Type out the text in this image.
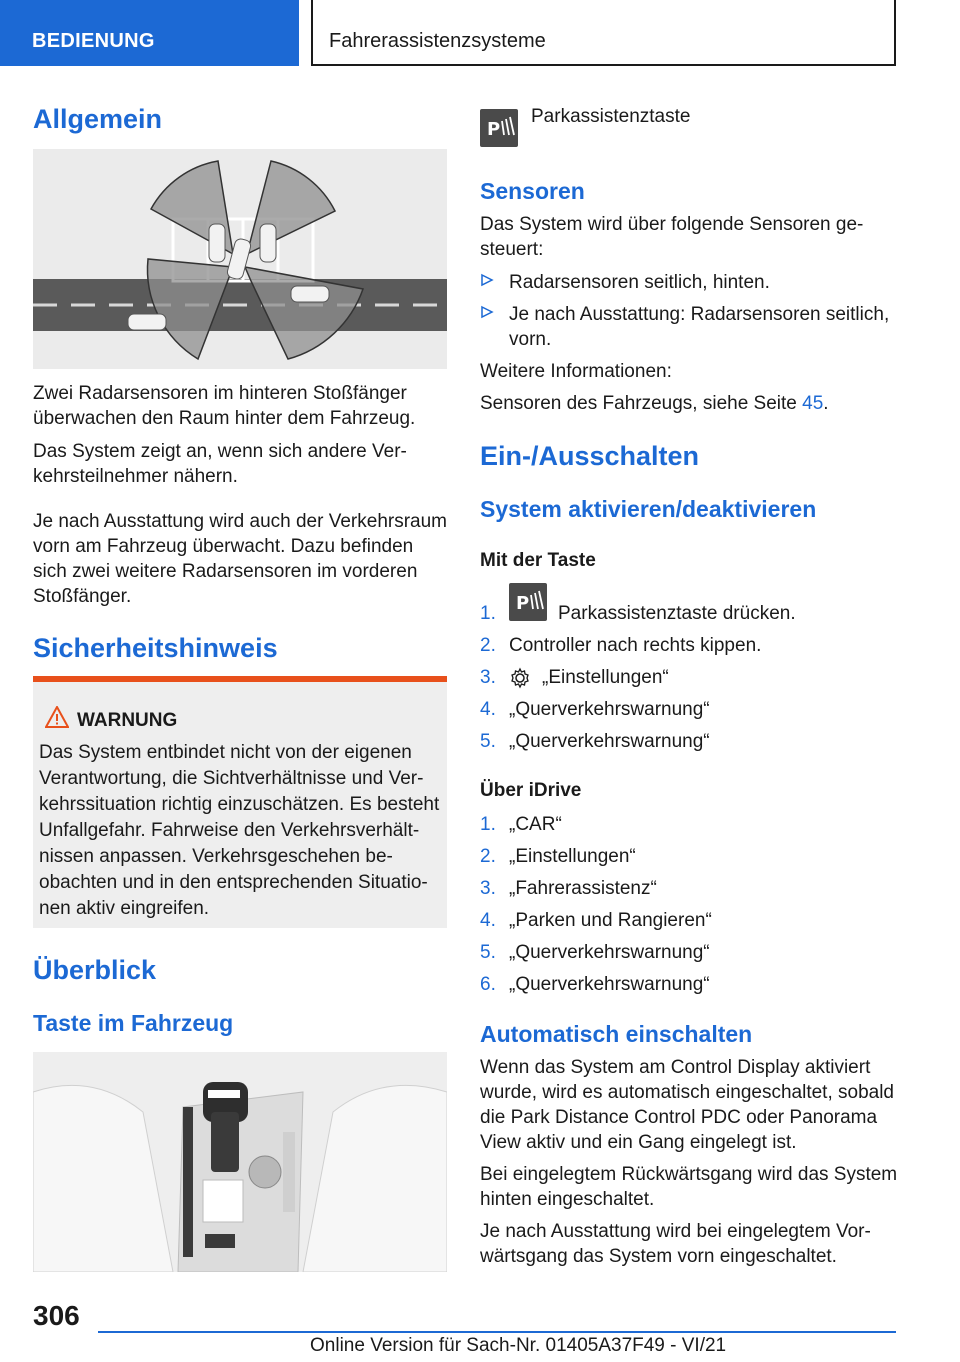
BEDIENUNG	Fahrerassistenzsysteme
Allgemein

Zwei Radarsensoren im hinteren Stoßfänger überwachen den Raum hinter dem Fahrzeug.

Das System zeigt an, wenn sich andere Verkehrsteilnehmer nähern.

Je nach Ausstattung wird auch der Verkehrsraum vorn am Fahrzeug überwacht. Dazu befinden sich zwei weitere Radarsensoren im vorderen Stoßfänger.

Sicherheitshinweis
WARNUNG
Das System entbindet nicht von der eigenen Verantwortung, die Sichtverhältnisse und Verkehrssituation richtig einzuschätzen. Es besteht Unfallgefahr. Fahrweise den Verkehrsverhältnissen anpassen. Verkehrsgeschehen beobachten und in den entsprechenden Situationen aktiv eingreifen.
Überblick
Taste im Fahrzeug
P
Parkassistenztaste
Sensoren

Das System wird über folgende Sensoren gesteuert:

Radarsensoren seitlich, hinten.
Je nach Ausstattung: Radarsensoren seitlich, vorn.

Weitere Informationen:

Sensoren des Fahrzeugs, siehe Seite 45.

Ein-/Ausschalten
System aktivieren/deaktivieren
Mit der Taste
1. P Parkassistenztaste drücken.
2. Controller nach rechts kippen.
3. „Einstellungen“
4. „Querverkehrswarnung“
5. „Querverkehrswarnung“
Über iDrive
1. „CAR“
2. „Einstellungen“
3. „Fahrerassistenz“
4. „Parken und Rangieren“
5. „Querverkehrswarnung“
6. „Querverkehrswarnung“
Automatisch einschalten

Wenn das System am Control Display aktiviert wurde, wird es automatisch eingeschaltet, sobald die Park Distance Control PDC oder Panorama View aktiv und ein Gang eingelegt ist.

Bei eingelegtem Rückwärtsgang wird das System hinten eingeschaltet.

Je nach Ausstattung wird bei eingelegtem Vorwärtsgang das System vorn eingeschaltet.

306
Online Version für Sach-Nr. 01405A37F49 - VI/21
